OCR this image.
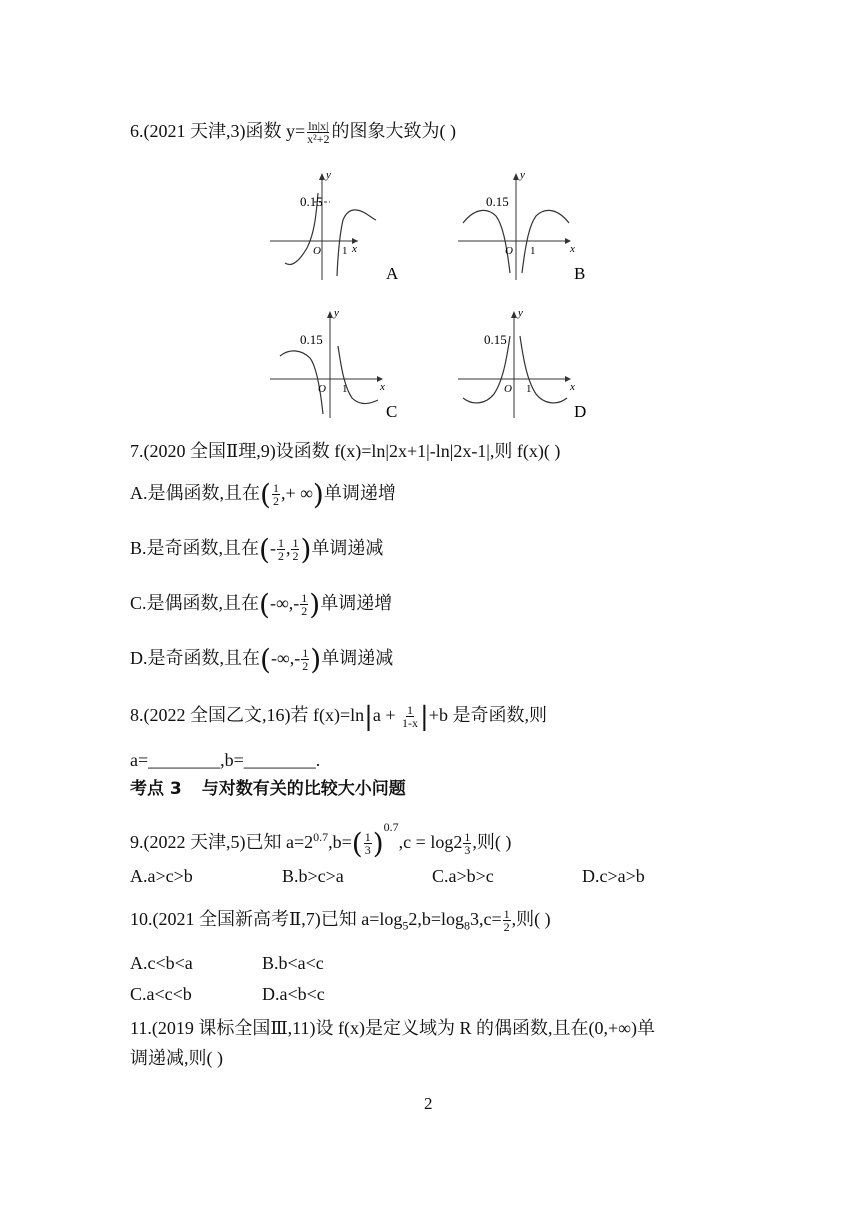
6.(2021 天津,3)函数 $y= \frac{\ln|x|}{\text{x²+2}}$ 的图象大致为( )
0.15
y
x
O 1
A
0.15
y
x
O 1
B
0.15
y
x
O 1
C
0.15
y
x
O 1
D
7.(2020 全国Ⅱ理,9)设函数 f(x)=ln|2x+1|-ln|2x-1|,则 f(x)( )
A.是偶函数,且在( $\frac{1}{2}$ ,+ ∞)单调递增
B.是奇函数,且在(- $\frac{1}{2}$ , $\frac{1}{2}$ )单调递减
C.是偶函数,且在(-∞,- $\frac{1}{2}$ )单调递增
D.是奇函数,且在(-∞,- $\frac{1}{2}$ )单调递减
8.(2022 全国乙文,16)若 $f(x)=\ln|a + \frac{1}{1-x} |+b$ 是奇函数,则
a=________,b=________.
考点 3 与对数有关的比较大小问题
9.(2022 天津,5)已知 $a=2^{0.7},b=( \frac{1}{3} )^{0.7},c = \log 2 \frac{1}{3}$ ,则( )
A.a>c>b	B.b>c>a	C.a>b>c	D.c>a>b
10.(2021 全国新高考Ⅱ,7)已知 $a=\log_52,b=\log_83,c= \frac{1}{2}$ ,则( )
A.c<b<a	B.b<a<c
C.a<c<b	D.a<b<c
11.(2019 课标全国Ⅲ,11)设 f(x)是定义域为 R 的偶函数,且在(0,+∞)单
调递减,则( )
2
